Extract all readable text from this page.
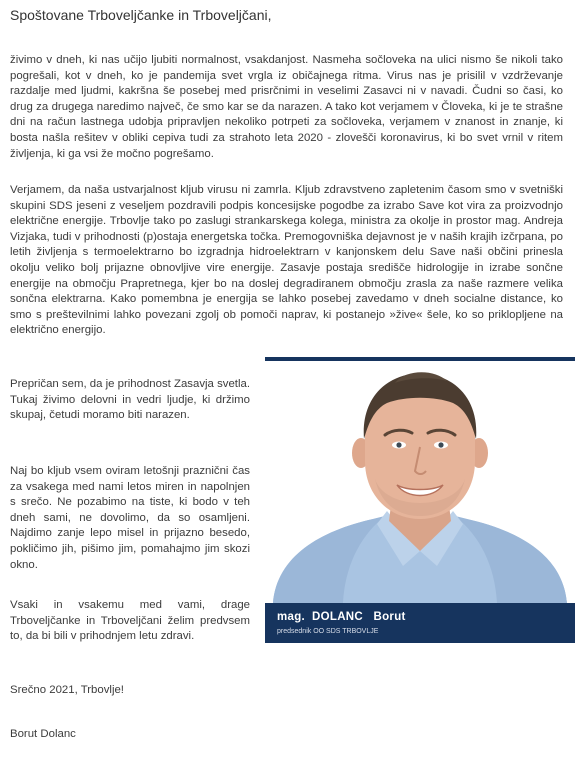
Spoštovane Trboveljčanke in Trboveljčani,

živimo v dneh, ki nas učijo ljubiti normalnost, vsakdanjost. Nasmeha sočloveka na ulici nismo še nikoli tako pogrešali, kot v dneh, ko je pandemija svet vrgla iz običajnega ritma. Virus nas je prisilil v vzdrževanje razdalje med ljudmi, kakršna še posebej med prisrčnimi in veselimi Zasavci ni v navadi. Čudni so časi, ko drug za drugega naredimo največ, če smo kar se da narazen. A tako kot verjamem v Človeka, ki je te strašne dni na račun lastnega udobja pripravljen nekoliko potrpeti za sočloveka, verjamem v znanost in znanje, ki bosta našla rešitev v obliki cepiva tudi za strahoto leta 2020 - zlovešči koronavirus, ki bo svet vrnil v ritem življenja, ki ga vsi že močno pogrešamo.

Verjamem, da naša ustvarjalnost kljub virusu ni zamrla. Kljub zdravstveno zapletenim časom smo v svetniški skupini SDS jeseni z veseljem pozdravili podpis koncesijske pogodbe za izrabo Save kot vira za proizvodnjo električne energije. Trbovlje tako po zaslugi strankarskega kolega, ministra za okolje in prostor mag. Andreja Vizjaka, tudi v prihodnosti (p)ostaja energetska točka. Premogovniška dejavnost je v naših krajih izčrpana, po letih življenja s termoelektrarno bo izgradnja hidroelektrarn v kanjonskem delu Save naši občini prinesla okolju veliko bolj prijazne obnovljive vire energije. Zasavje postaja središče hidrologije in izrabe sončne energije na območju Prapretnega, kjer bo na doslej degradiranem območju zrasla za naše razmere velika sončna elektrarna. Kako pomembna je energija se lahko posebej zavedamo v dneh socialne distance, ko smo s preštevilnimi lahko povezani zgolj ob pomoči naprav, ki postanejo »žive« šele, ko so priklopljene na električno energijo.

Prepričan sem, da je prihodnost Zasavja svetla. Tukaj živimo delovni in vedri ljudje, ki držimo skupaj, četudi moramo biti narazen.

Naj bo kljub vsem oviram letošnji praznični čas za vsakega med nami letos miren in napolnjen s srečo. Ne pozabimo na tiste, ki bodo v teh dneh sami, ne dovolimo, da so osamljeni. Najdimo zanje lepo misel in prijazno besedo, pokličimo jih, pišimo jim, pomahajmo jim skozi okno.

Vsaki in vsakemu med vami, drage Trboveljčanke in Trboveljčani želim predvsem to, da bi bili v prihodnjem letu zdravi.

Srečno 2021, Trbovlje!
Borut Dolanc
mag.  DOLANC   Borut
predsednik OO SDS TRBOVLJE
